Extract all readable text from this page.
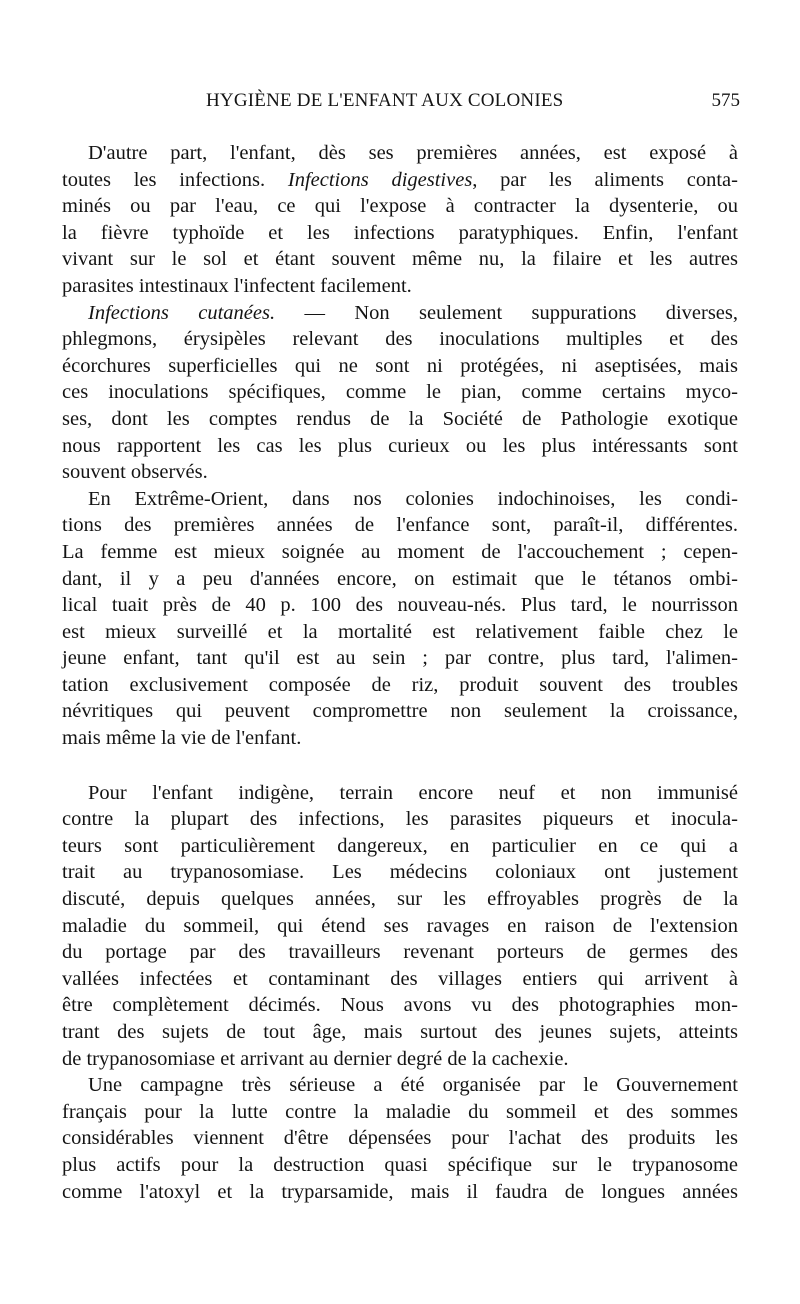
HYGIÈNE DE L'ENFANT AUX COLONIES	575
D'autre part, l'enfant, dès ses premières années, est exposé à
toutes les infections. Infections digestives, par les aliments conta-
minés ou par l'eau, ce qui l'expose à contracter la dysenterie, ou
la fièvre typhoïde et les infections paratyphiques. Enfin, l'enfant
vivant sur le sol et étant souvent même nu, la filaire et les autres
parasites intestinaux l'infectent facilement.
Infections cutanées. — Non seulement suppurations diverses,
phlegmons, érysipèles relevant des inoculations multiples et des
écorchures superficielles qui ne sont ni protégées, ni aseptisées, mais
ces inoculations spécifiques, comme le pian, comme certains myco-
ses, dont les comptes rendus de la Société de Pathologie exotique
nous rapportent les cas les plus curieux ou les plus intéressants sont
souvent observés.
En Extrême-Orient, dans nos colonies indochinoises, les condi-
tions des premières années de l'enfance sont, paraît-il, différentes.
La femme est mieux soignée au moment de l'accouchement ; cepen-
dant, il y a peu d'années encore, on estimait que le tétanos ombi-
lical tuait près de 40 p. 100 des nouveau-nés. Plus tard, le nourrisson
est mieux surveillé et la mortalité est relativement faible chez le
jeune enfant, tant qu'il est au sein ; par contre, plus tard, l'alimen-
tation exclusivement composée de riz, produit souvent des troubles
névritiques qui peuvent compromettre non seulement la croissance,
mais même la vie de l'enfant.
Pour l'enfant indigène, terrain encore neuf et non immunisé
contre la plupart des infections, les parasites piqueurs et inocula-
teurs sont particulièrement dangereux, en particulier en ce qui a
trait au trypanosomiase. Les médecins coloniaux ont justement
discuté, depuis quelques années, sur les effroyables progrès de la
maladie du sommeil, qui étend ses ravages en raison de l'extension
du portage par des travailleurs revenant porteurs de germes des
vallées infectées et contaminant des villages entiers qui arrivent à
être complètement décimés. Nous avons vu des photographies mon-
trant des sujets de tout âge, mais surtout des jeunes sujets, atteints
de trypanosomiase et arrivant au dernier degré de la cachexie.
Une campagne très sérieuse a été organisée par le Gouvernement
français pour la lutte contre la maladie du sommeil et des sommes
considérables viennent d'être dépensées pour l'achat des produits les
plus actifs pour la destruction quasi spécifique sur le trypanosome
comme l'atoxyl et la tryparsamide, mais il faudra de longues années
